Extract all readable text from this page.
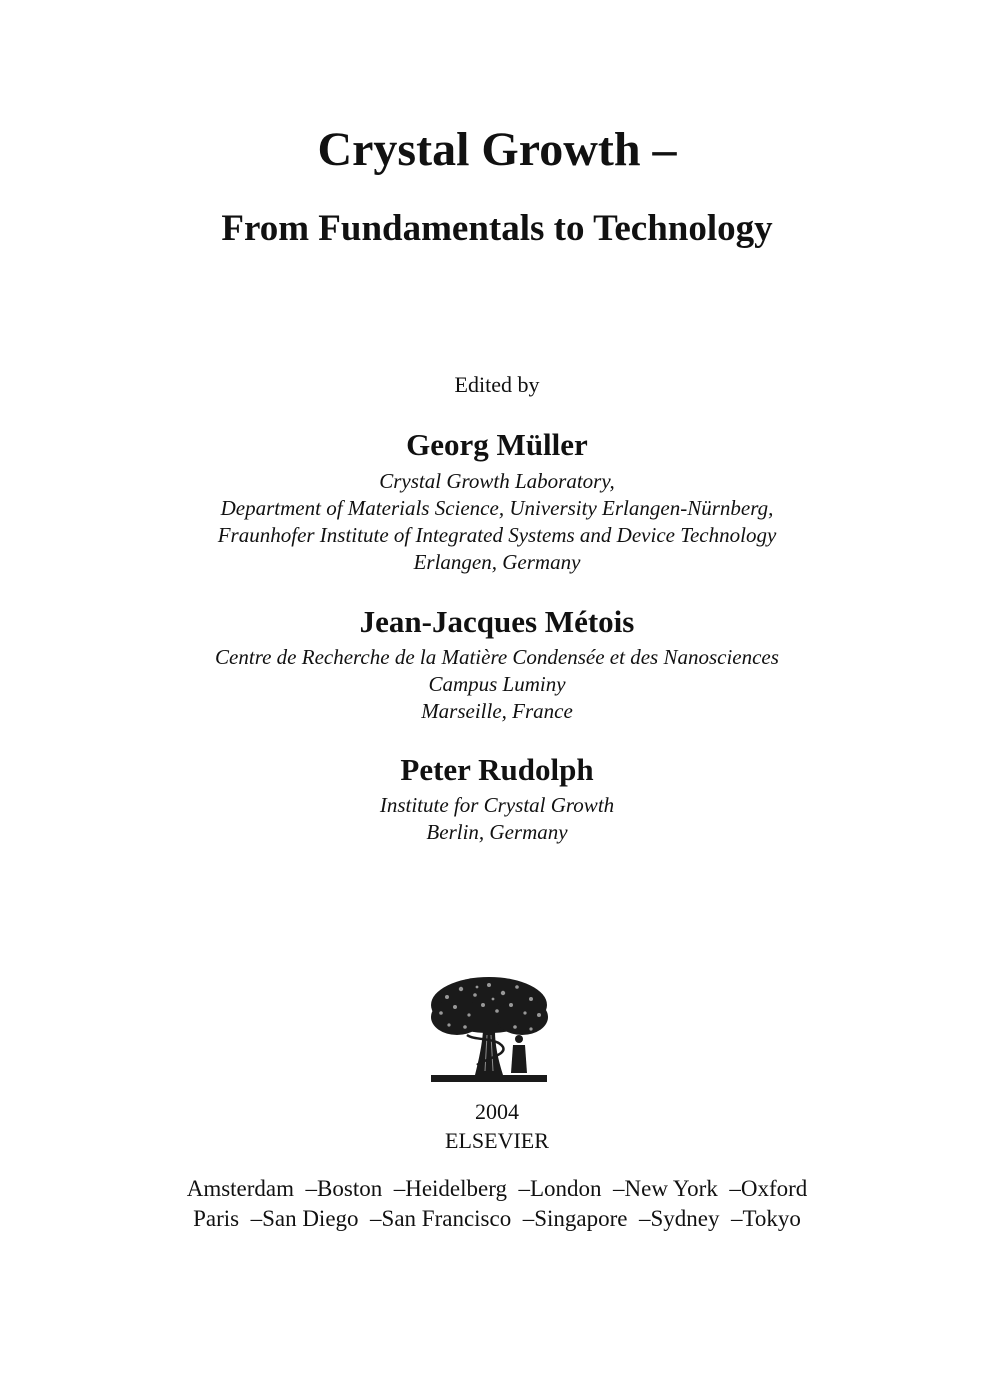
Crystal Growth –
From Fundamentals to Technology
Edited by
Georg Müller
Crystal Growth Laboratory,
Department of Materials Science, University Erlangen-Nürnberg,
Fraunhofer Institute of Integrated Systems and Device Technology
Erlangen, Germany
Jean-Jacques Métois
Centre de Recherche de la Matière Condensée et des Nanosciences
Campus Luminy
Marseille, France
Peter Rudolph
Institute for Crystal Growth
Berlin, Germany
2004
ELSEVIER
Amsterdam – Boston – Heidelberg – London – New York – Oxford
Paris – San Diego – San Francisco – Singapore – Sydney – Tokyo
